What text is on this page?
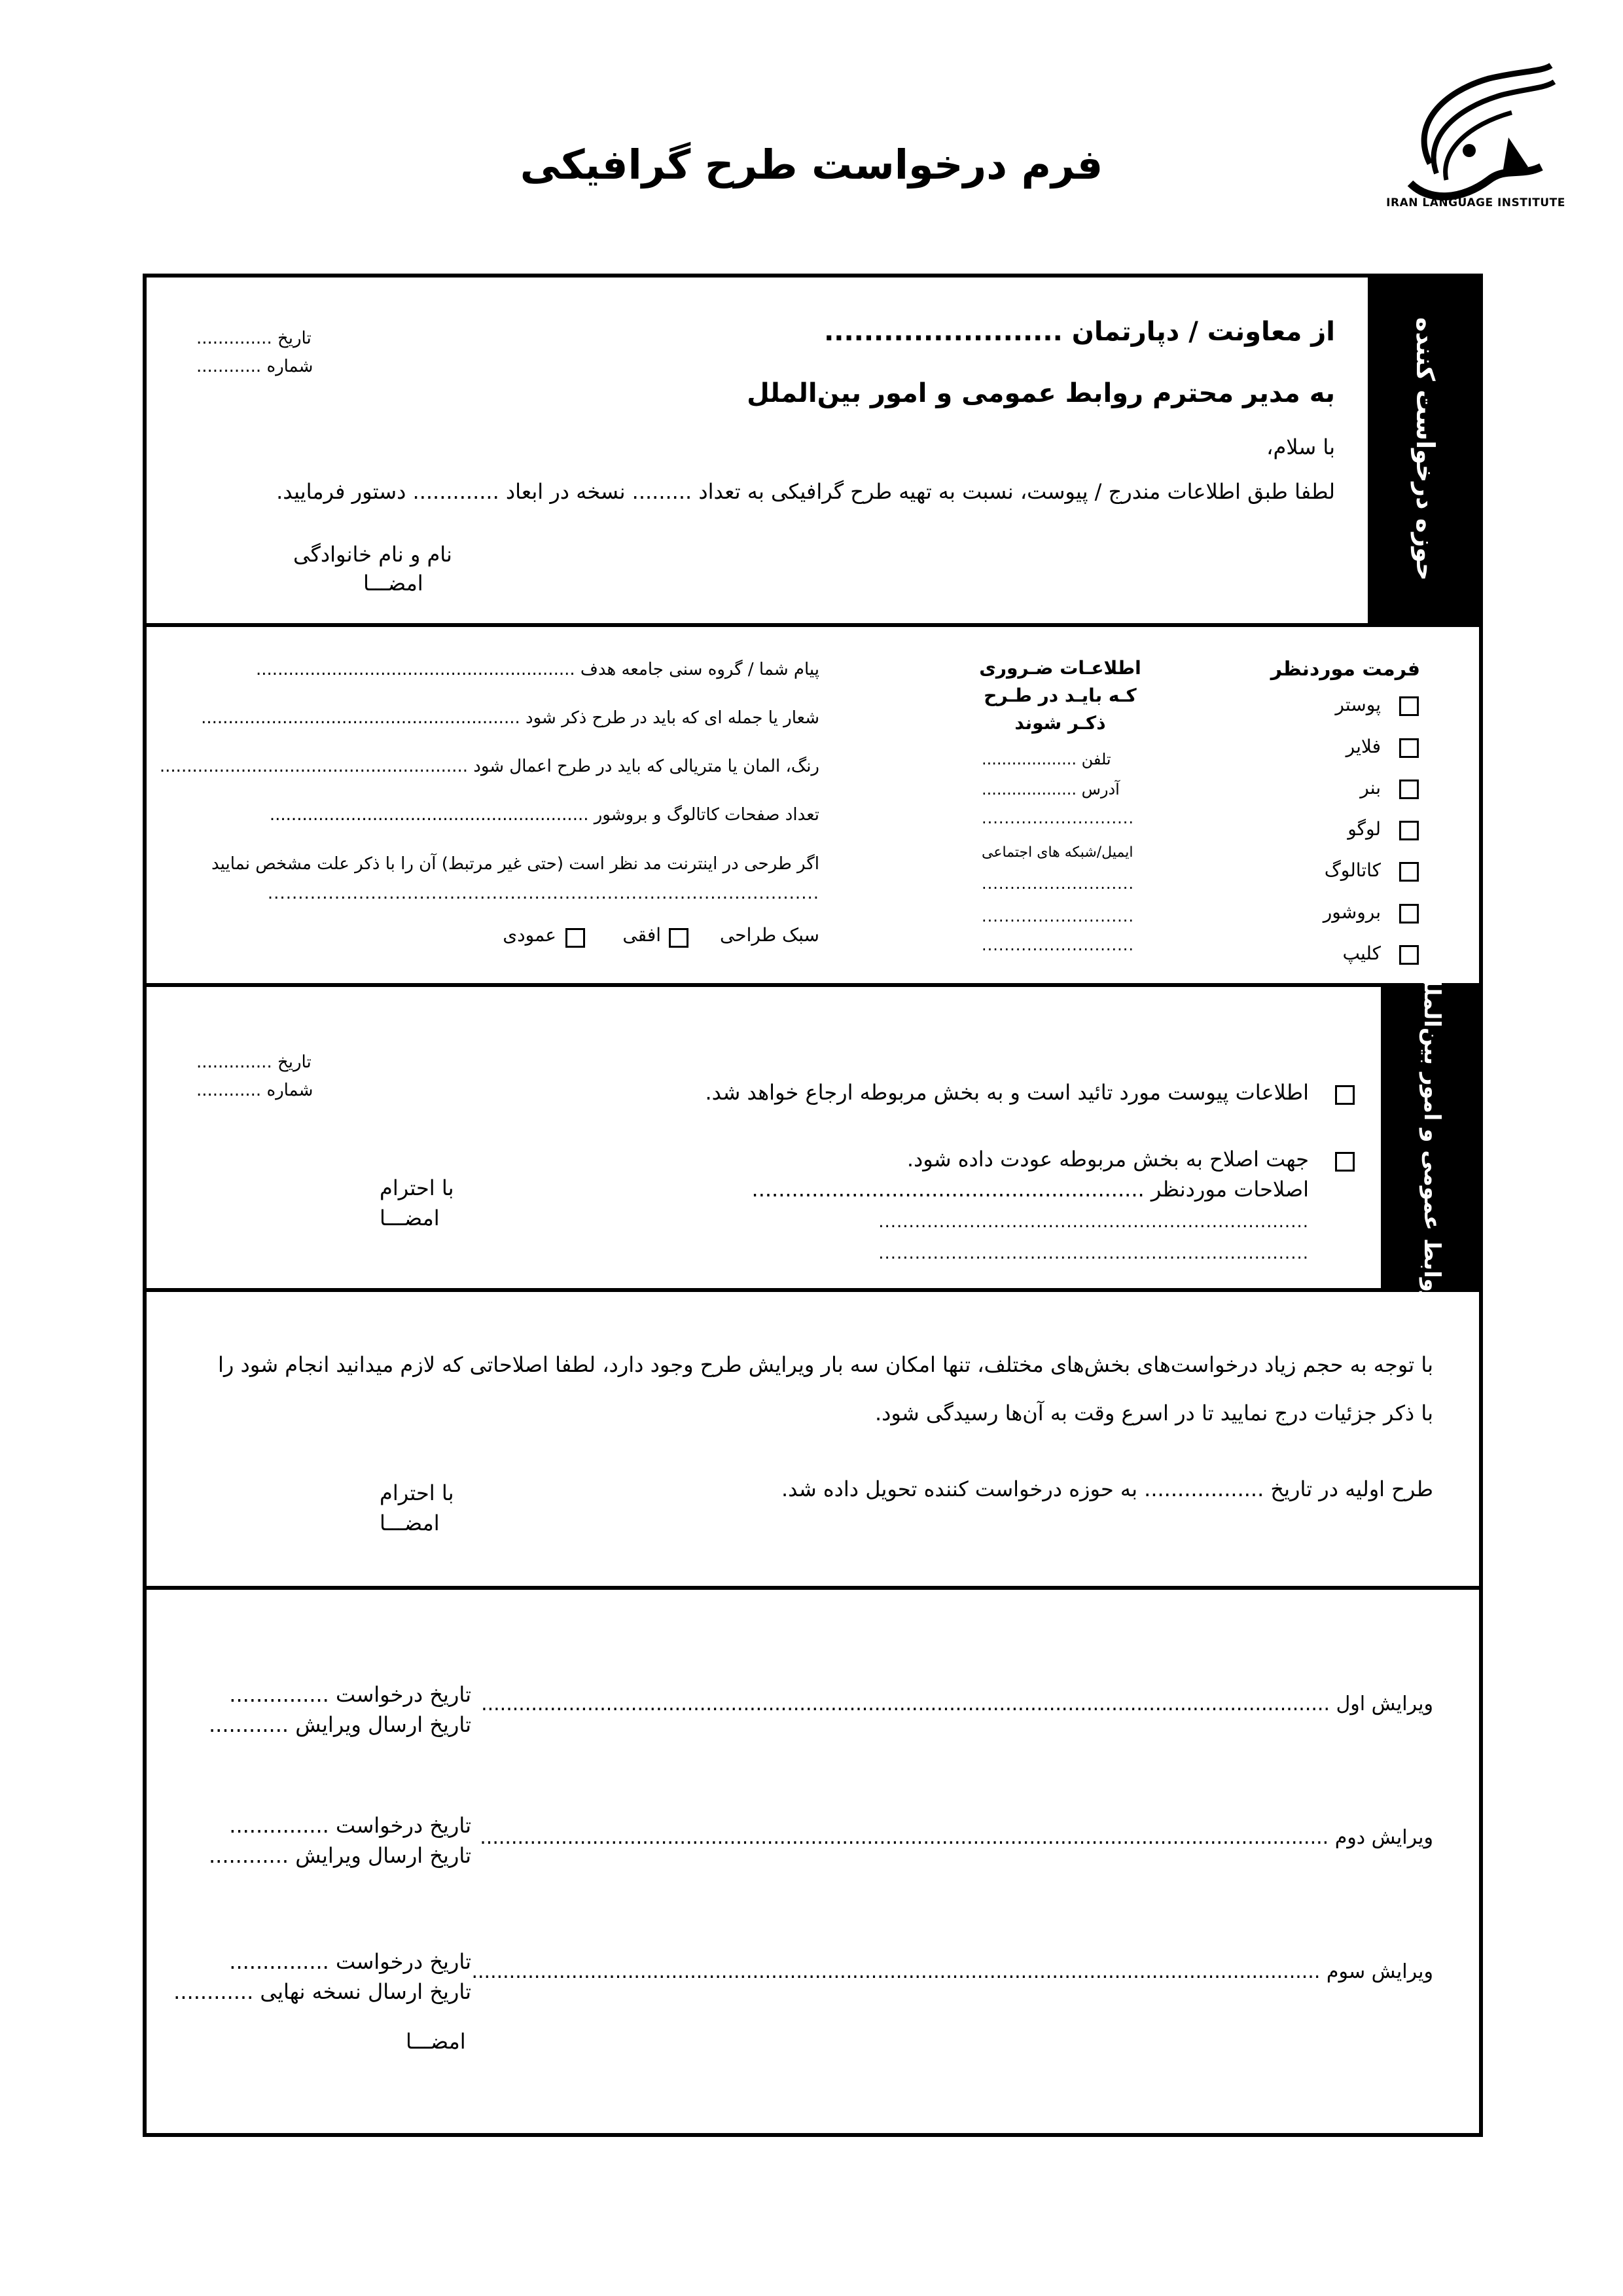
فرم درخواست طرح گرافیکی
IRAN LANGUAGE INSTITUTE
حوزه درخواست کننده
از معاونت / دپارتمان ........................
به مدیر محترم روابط عمومی و امور بین‌الملل
با سلام،
لطفا طبق اطلاعات مندرج / پیوست، نسبت به تهیه طرح گرافیکی به تعداد ......... نسخه در ابعاد ............. دستور فرمایید.
تاریخ ..............
شماره ............
نام و نام خانوادگی
امضـــا
فرمت موردنظر
پوستر
فلایر
بنر
لوگو
کاتالوگ
بروشور
کلیپ
اطلاعـات ضـروری کـه بایـد در طـرح ذکـر شوند
تلفن ...................
آدرس ...................
...........................
ایمیل/شبکه های اجتماعی
...........................
...........................
...........................
پیام شما / گروه سنی جامعه هدف ...........................................................
شعار یا جمله ای که باید در طرح ذکر شود ...........................................................
رنگ، المان یا متریالی که باید در طرح اعمال شود .........................................................
تعداد صفحات کاتالوگ و بروشور ...........................................................
اگر طرحی در اینترنت مد نظر است (حتی غیر مرتبط) آن را با ذکر علت مشخص نمایید
...........................................................................................
سبک طراحی
افقی
عمودی
روابط عمومی و امور بین‌الملل
تاریخ ..............
شماره ............	اطلاعات پیوست مورد تائید است و به بخش مربوطه ارجاع خواهد شد.
جهت اصلاح به بخش مربوطه عودت داده شود.
اصلاحات موردنظر ...........................................................
.......................................................................
.......................................................................
با احترام
امضـــا
با توجه به حجم زیاد درخواست‌های بخش‌های مختلف، تنها امکان سه بار ویرایش طرح وجود دارد، لطفا اصلاحاتی که لازم میدانید انجام شود را
با ذکر جزئیات درج نمایید تا در اسرع وقت به آن‌ها رسیدگی شود.
طرح اولیه در تاریخ .................. به حوزه درخواست کننده تحویل داده شد.
با احترام
امضـــا
ویرایش اول ........................................................................................................................................
تاریخ درخواست ...............
تاریخ ارسال ویرایش ............
ویرایش دوم ........................................................................................................................................
تاریخ درخواست ...............
تاریخ ارسال ویرایش ............
ویرایش سوم ........................................................................................................................................
تاریخ درخواست ...............
تاریخ ارسال نسخه نهایی ............
امضـــا
